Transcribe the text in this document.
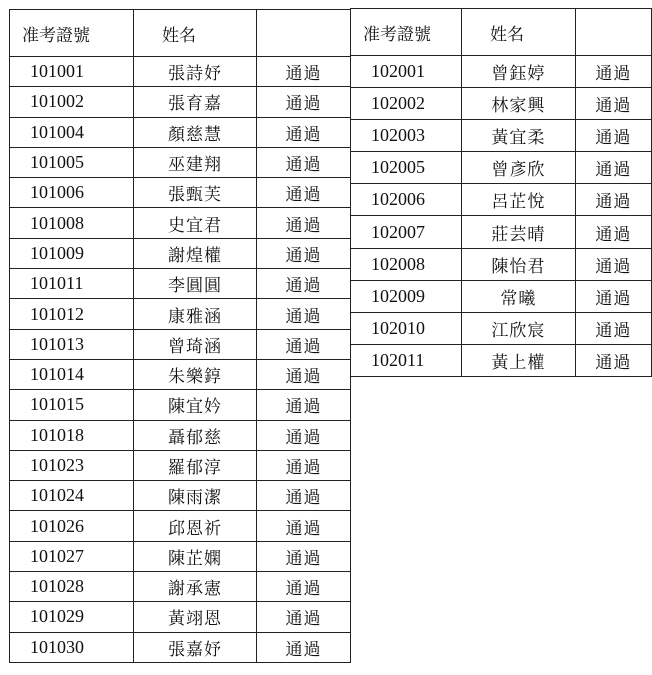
准考證號	姓名	
101001	張詩妤	通過
101002	張育嘉	通過
101004	顏慈慧	通過
101005	巫建翔	通過
101006	張甄芙	通過
101008	史宜君	通過
101009	謝煌權	通過
101011	李圓圓	通過
101012	康雅涵	通過
101013	曾琦涵	通過
101014	朱樂錞	通過
101015	陳宜妗	通過
101018	聶郁慈	通過
101023	羅郁淳	通過
101024	陳雨潔	通過
101026	邱恩祈	通過
101027	陳芷嫻	通過
101028	謝承憲	通過
101029	黃翊恩	通過
101030	張嘉妤	通過
准考證號	姓名	
102001	曾鈺婷	通過
102002	林家興	通過
102003	黃宜柔	通過
102005	曾彥欣	通過
102006	呂芷悅	通過
102007	莊芸晴	通過
102008	陳怡君	通過
102009	常曦	通過
102010	江欣宸	通過
102011	黃上權	通過
